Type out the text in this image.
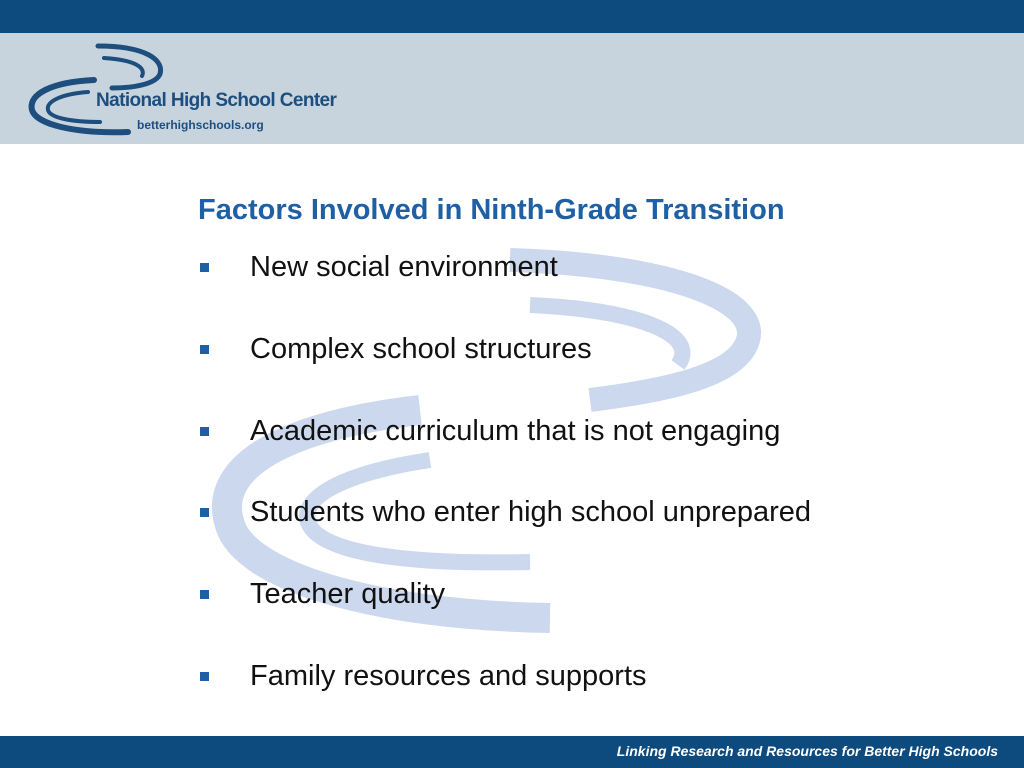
National High School Center
betterhighschools.org
Factors Involved in Ninth-Grade Transition
New social environment
Complex school structures
Academic curriculum that is not engaging
Students who enter high school unprepared
Teacher quality
Family resources and supports
Linking Research and Resources for Better High Schools
